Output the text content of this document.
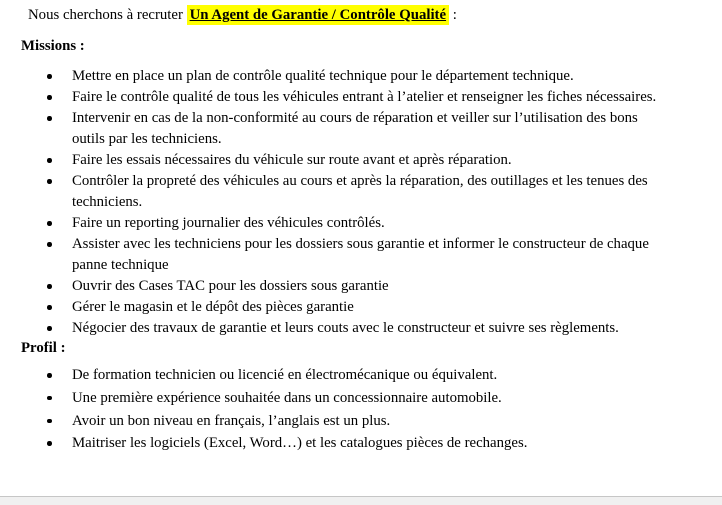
Nous cherchons à recruter Un Agent de Garantie / Contrôle Qualité :

Missions :
Mettre en place un plan de contrôle qualité technique pour le département technique.
Faire le contrôle qualité de tous les véhicules entrant à l’atelier et renseigner les fiches nécessaires.
Intervenir en cas de la non-conformité au cours de réparation et veiller sur l’utilisation des bons outils par les techniciens.
Faire les essais nécessaires du véhicule sur route avant et après réparation.
Contrôler la propreté des véhicules au cours et après la réparation, des outillages et les tenues des techniciens.
Faire un reporting journalier des véhicules contrôlés.
Assister avec les techniciens pour les dossiers sous garantie et informer le constructeur de chaque panne technique
Ouvrir des Cases TAC pour les dossiers sous garantie
Gérer le magasin et le dépôt des pièces garantie
Négocier des travaux de garantie et leurs couts avec le constructeur et suivre ses règlements.
Profil :
De formation technicien ou licencié en électromécanique ou équivalent.
Une première expérience souhaitée dans un concessionnaire automobile.
Avoir un bon niveau en français, l’anglais est un plus.
Maitriser les logiciels (Excel, Word…) et les catalogues pièces de rechanges.
